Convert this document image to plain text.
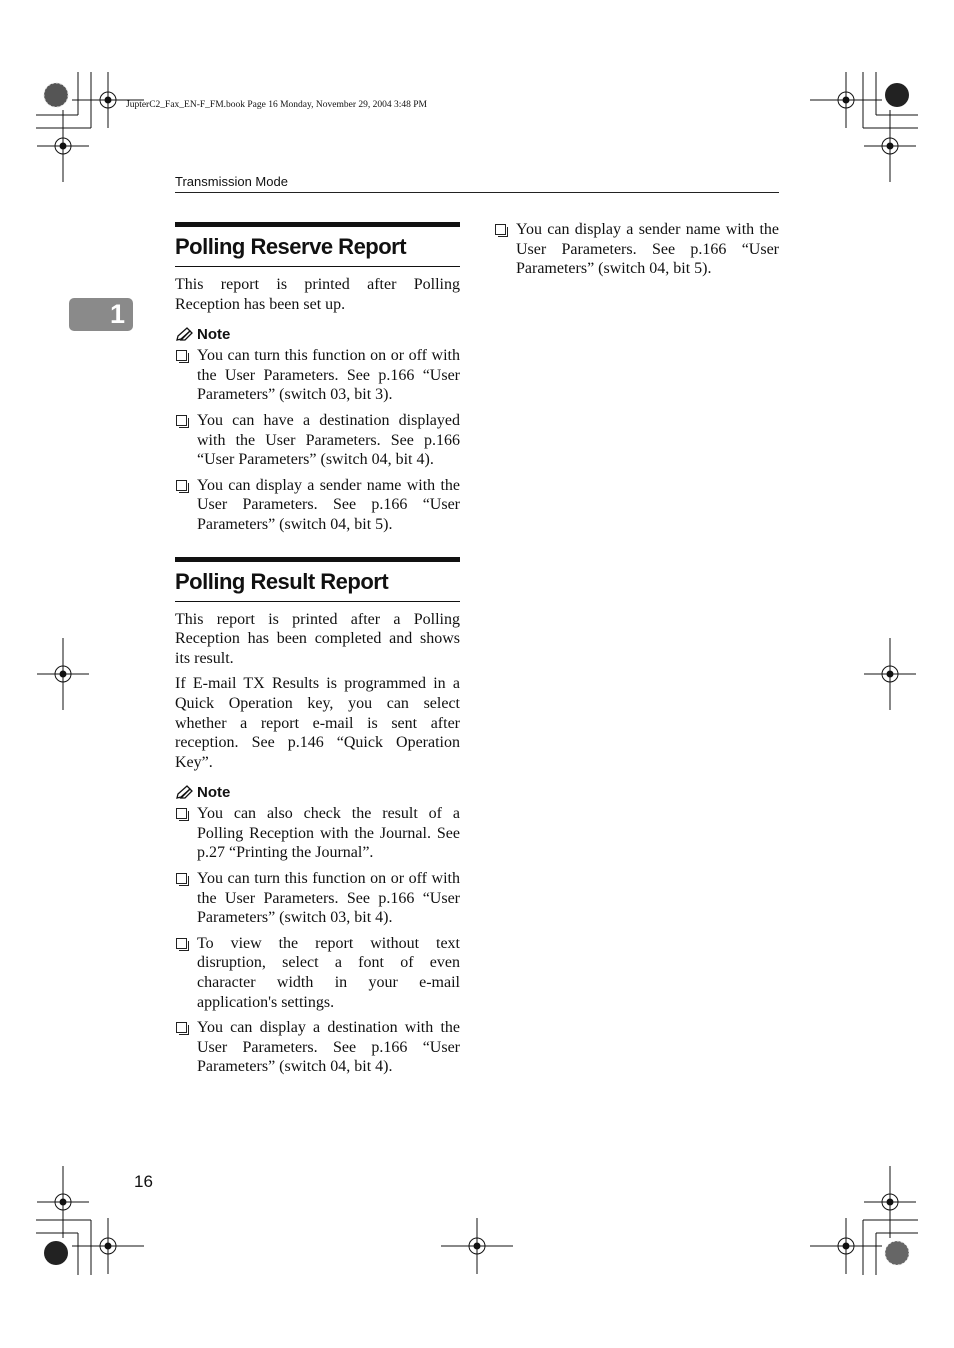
JupterC2_Fax_EN-F_FM.book Page 16 Monday, November 29, 2004 3:48 PM
Transmission Mode
1
Polling Reserve Report

This report is printed after Polling Reception has been set up.

Note
You can turn this function on or off with the User Parameters. See p.166 “User Parameters” (switch 03, bit 3).
You can have a destination displayed with the User Parameters. See p.166 “User Parameters” (switch 04, bit 4).
You can display a sender name with the User Parameters. See p.166 “User Parameters” (switch 04, bit 5).
Polling Result Report

This report is printed after a Polling Reception has been completed and shows its result.

If E-mail TX Results is programmed in a Quick Operation key, you can select whether a report e-mail is sent after reception. See p.146 “Quick Operation Key”.

Note
You can also check the result of a Polling Reception with the Journal. See p.27 “Printing the Journal”.
You can turn this function on or off with the User Parameters. See p.166 “User Parameters” (switch 03, bit 4).
To view the report without text disruption, select a font of even character width in your e-mail application's settings.
You can display a destination with the User Parameters. See p.166 “User Parameters” (switch 04, bit 4).
You can display a sender name with the User Parameters. See p.166 “User Parameters” (switch 04, bit 5).
16
